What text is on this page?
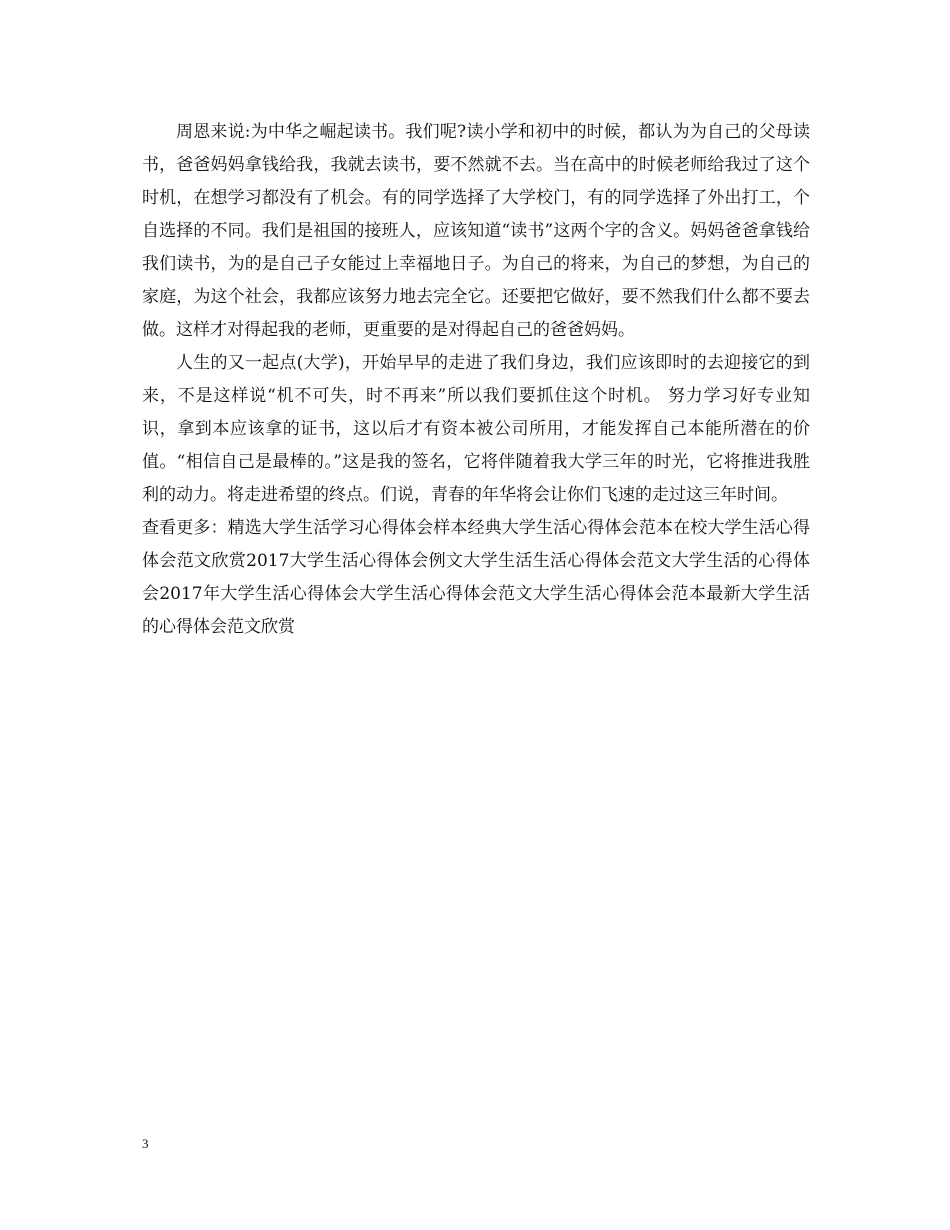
周恩来说:为中华之崛起读书。我们呢?读小学和初中的时候，都认为为自己的父母读书，爸爸妈妈拿钱给我，我就去读书，要不然就不去。当在高中的时候老师给我过了这个时机，在想学习都没有了机会。有的同学选择了大学校门，有的同学选择了外出打工，个自选择的不同。我们是祖国的接班人，应该知道“读书”这两个字的含义。妈妈爸爸拿钱给我们读书，为的是自己子女能过上幸福地日子。为自己的将来，为自己的梦想，为自己的家庭，为这个社会，我都应该努力地去完全它。还要把它做好，要不然我们什么都不要去做。这样才对得起我的老师，更重要的是对得起自己的爸爸妈妈。

人生的又一起点(大学)，开始早早的走进了我们身边，我们应该即时的去迎接它的到来，不是这样说“机不可失，时不再来”所以我们要抓住这个时机。 努力学习好专业知识，拿到本应该拿的证书，这以后才有资本被公司所用，才能发挥自己本能所潜在的价值。“相信自己是最棒的。”这是我的签名，它将伴随着我大学三年的时光，它将推进我胜利的动力。将走进希望的终点。们说，青春的年华将会让你们飞速的走过这三年时间。

查看更多：精选大学生活学习心得体会样本经典大学生活心得体会范本在校大学生活心得体会范文欣赏2017大学生活心得体会例文大学生活生活心得体会范文大学生活的心得体会2017年大学生活心得体会大学生活心得体会范文大学生活心得体会范本最新大学生活的心得体会范文欣赏

3
